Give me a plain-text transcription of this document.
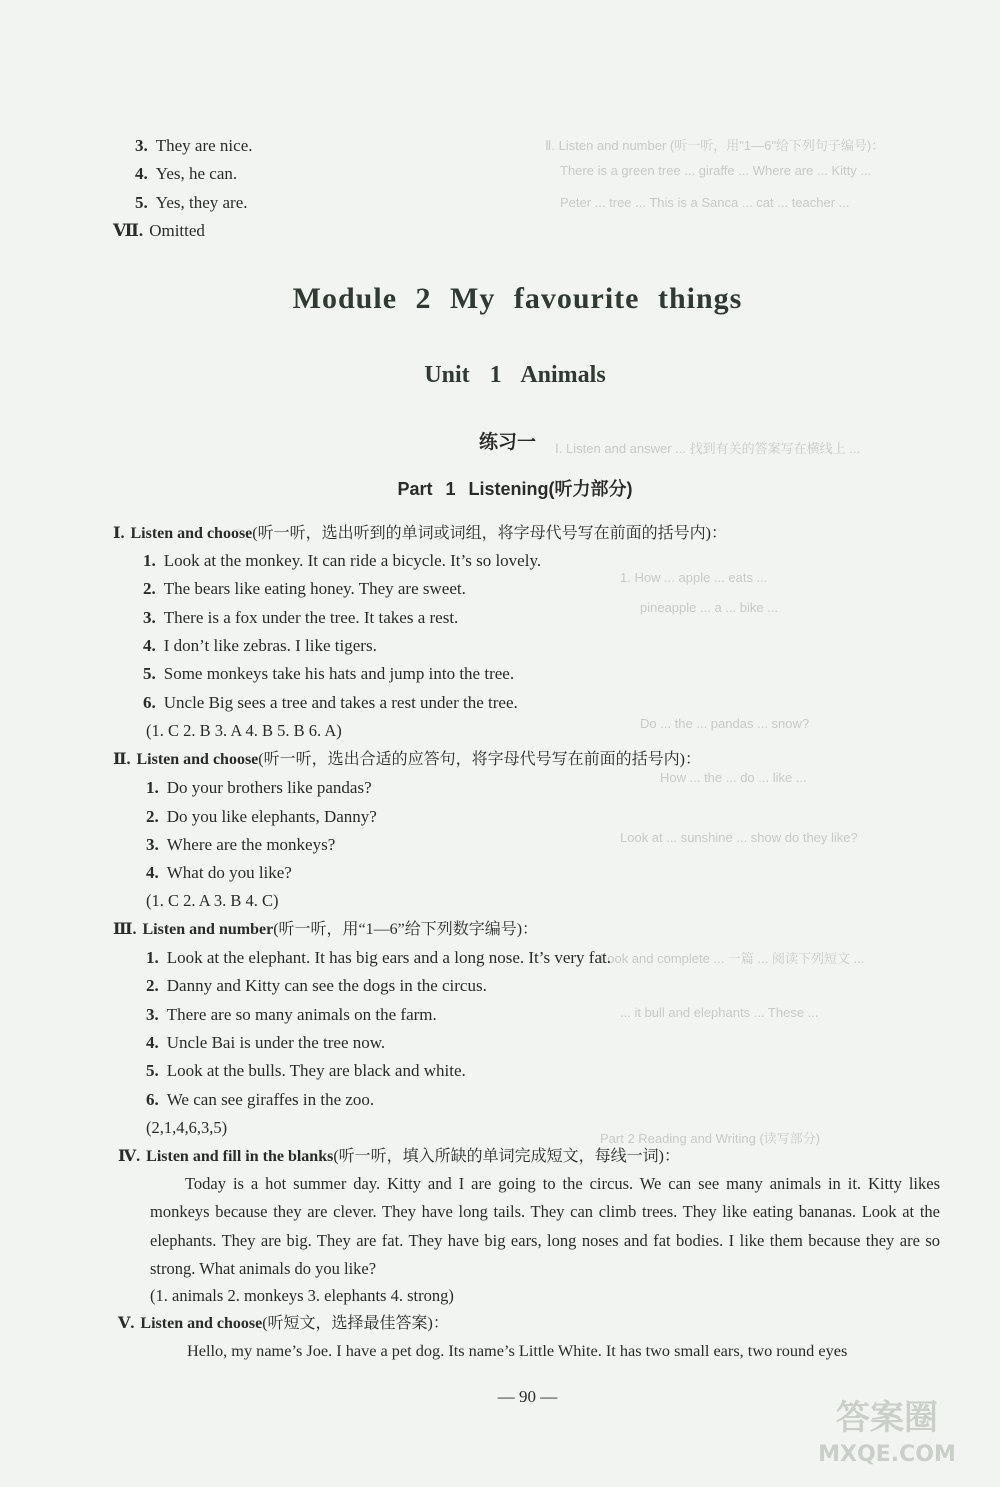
Ⅱ. Listen and number (听一听，用"1—6"给下列句子编号)：
There is a green tree ... giraffe ... Where are ... Kitty ...
Peter ... tree ... This is a Sanca ... cat ... teacher ...
Ⅰ. Listen and answer ... 找到有关的答案写在横线上 ...
1. How ... apple ... eats ...
pineapple ... a ... bike ...
Do ... the ... pandas ... snow?
How ... the ... do ... like ...
Look at ... sunshine ... show do they like?
Look and complete ... 一篇 ... 阅读下列短文 ...
... it bull and elephants ... These ...
Part 2 Reading and Writing (读写部分)
3. They are nice.
4. Yes, he can.
5. Yes, they are.
Ⅶ. Omitted
Module 2 My favourite things
Unit 1 Animals
练习一
Part 1 Listening(听力部分)
Ⅰ. Listen and choose(听一听，选出听到的单词或词组，将字母代号写在前面的括号内)：
1. Look at the monkey. It can ride a bicycle. It’s so lovely.
2. The bears like eating honey. They are sweet.
3. There is a fox under the tree. It takes a rest.
4. I don’t like zebras. I like tigers.
5. Some monkeys take his hats and jump into the tree.
6. Uncle Big sees a tree and takes a rest under the tree.
(1. C 2. B 3. A 4. B 5. B 6. A)
Ⅱ. Listen and choose(听一听，选出合适的应答句，将字母代号写在前面的括号内)：
1. Do your brothers like pandas?
2. Do you like elephants, Danny?
3. Where are the monkeys?
4. What do you like?
(1. C 2. A 3. B 4. C)
Ⅲ. Listen and number(听一听，用“1—6”给下列数字编号)：
1. Look at the elephant. It has big ears and a long nose. It’s very fat.
2. Danny and Kitty can see the dogs in the circus.
3. There are so many animals on the farm.
4. Uncle Bai is under the tree now.
5. Look at the bulls. They are black and white.
6. We can see giraffes in the zoo.
(2,1,4,6,3,5)
Ⅳ. Listen and fill in the blanks(听一听，填入所缺的单词完成短文，每线一词)：
Today is a hot summer day. Kitty and I are going to the circus. We can see many animals in it. Kitty likes monkeys because they are clever. They have long tails. They can climb trees. They like eating bananas. Look at the elephants. They are big. They are fat. They have big ears, long noses and fat bodies. I like them because they are so strong. What animals do you like?
(1. animals 2. monkeys 3. elephants 4. strong)
Ⅴ. Listen and choose(听短文，选择最佳答案)：
Hello, my name’s Joe. I have a pet dog. Its name’s Little White. It has two small ears, two round eyes
— 90 —
答案圈
MXQE.COM
